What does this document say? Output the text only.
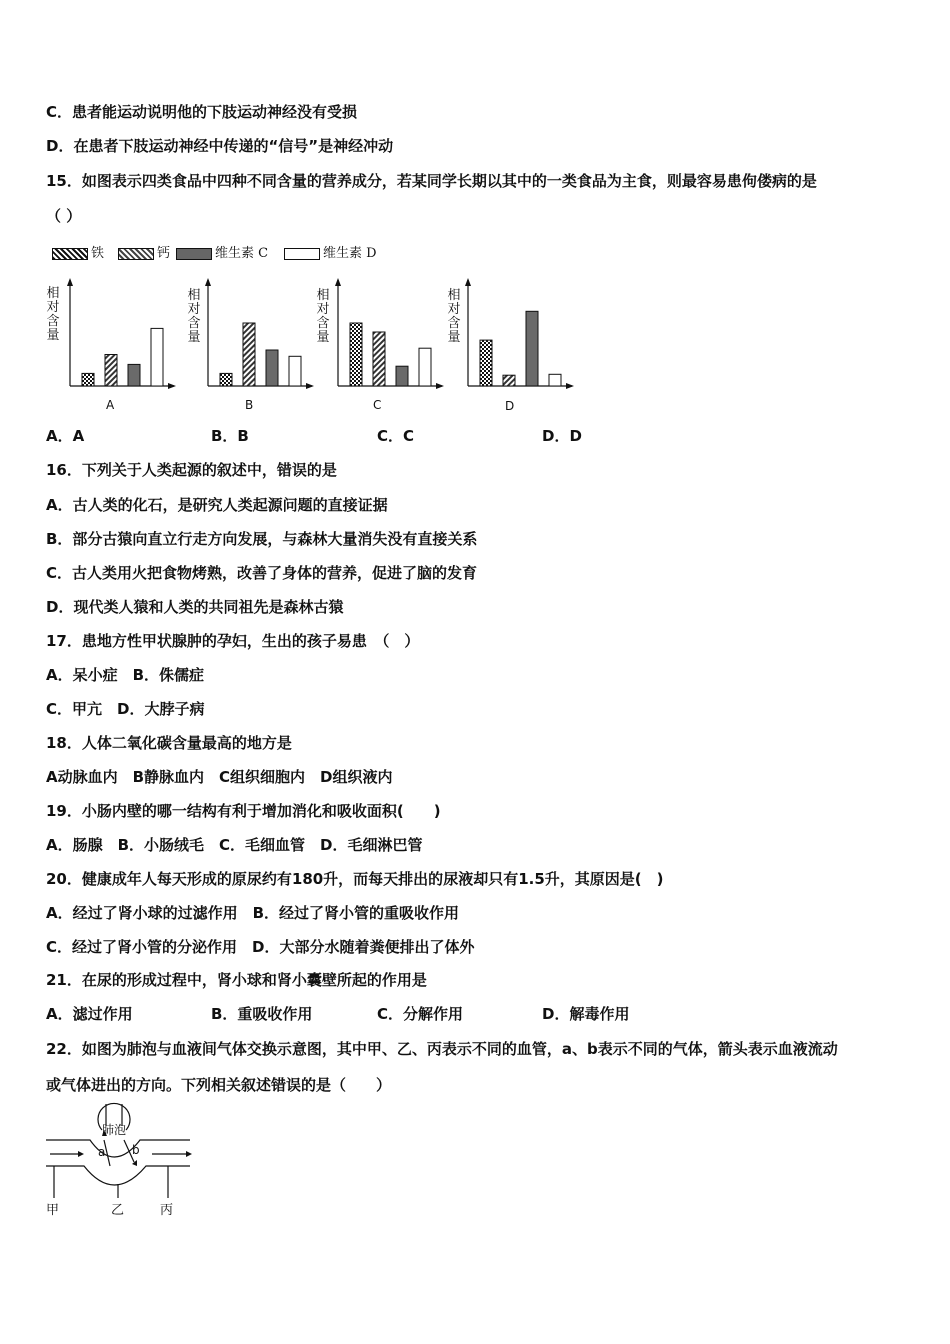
C．患者能运动说明他的下肢运动神经没有受损
D．在患者下肢运动神经中传递的“信号”是神经冲动
15．如图表示四类食品中四种不同含量的营养成分，若某同学长期以其中的一类食品为主食，则最容易患佝偻病的是
（ ）
铁	钙	维生素 C	维生素 D
相对含量
相对含量
相对含量
相对含量
A	B	C	D
A．A	B．B	C．C	D．D
16．下列关于人类起源的叙述中，错误的是
A．古人类的化石，是研究人类起源问题的直接证据
B．部分古猿向直立行走方向发展，与森林大量消失没有直接关系
C．古人类用火把食物烤熟，改善了身体的营养，促进了脑的发育
D．现代类人猿和人类的共同祖先是森林古猿
17．患地方性甲状腺肿的孕妇，生出的孩子易患　（　）
A．呆小症　B．侏儒症
C．甲亢　D．大脖子病
18．人体二氧化碳含量最高的地方是
A动脉血内　B静脉血内　C组织细胞内　D组织液内
19．小肠内壁的哪一结构有利于增加消化和吸收面积(　　)
A．肠腺　B．小肠绒毛　C．毛细血管　D．毛细淋巴管
20．健康成年人每天形成的原尿约有180升，而每天排出的尿液却只有1.5升，其原因是(　)
A．经过了肾小球的过滤作用　B．经过了肾小管的重吸收作用
C．经过了肾小管的分泌作用　D．大部分水随着粪便排出了体外
21．在尿的形成过程中，肾小球和肾小囊壁所起的作用是
A．滤过作用	B．重吸收作用	C．分解作用	D．解毒作用
22．如图为肺泡与血液间气体交换示意图，其中甲、乙、丙表示不同的血管，a、b表示不同的气体，箭头表示血液流动
或气体进出的方向。下列相关叙述错误的是（　　）
肺泡
a b
甲	乙	丙
